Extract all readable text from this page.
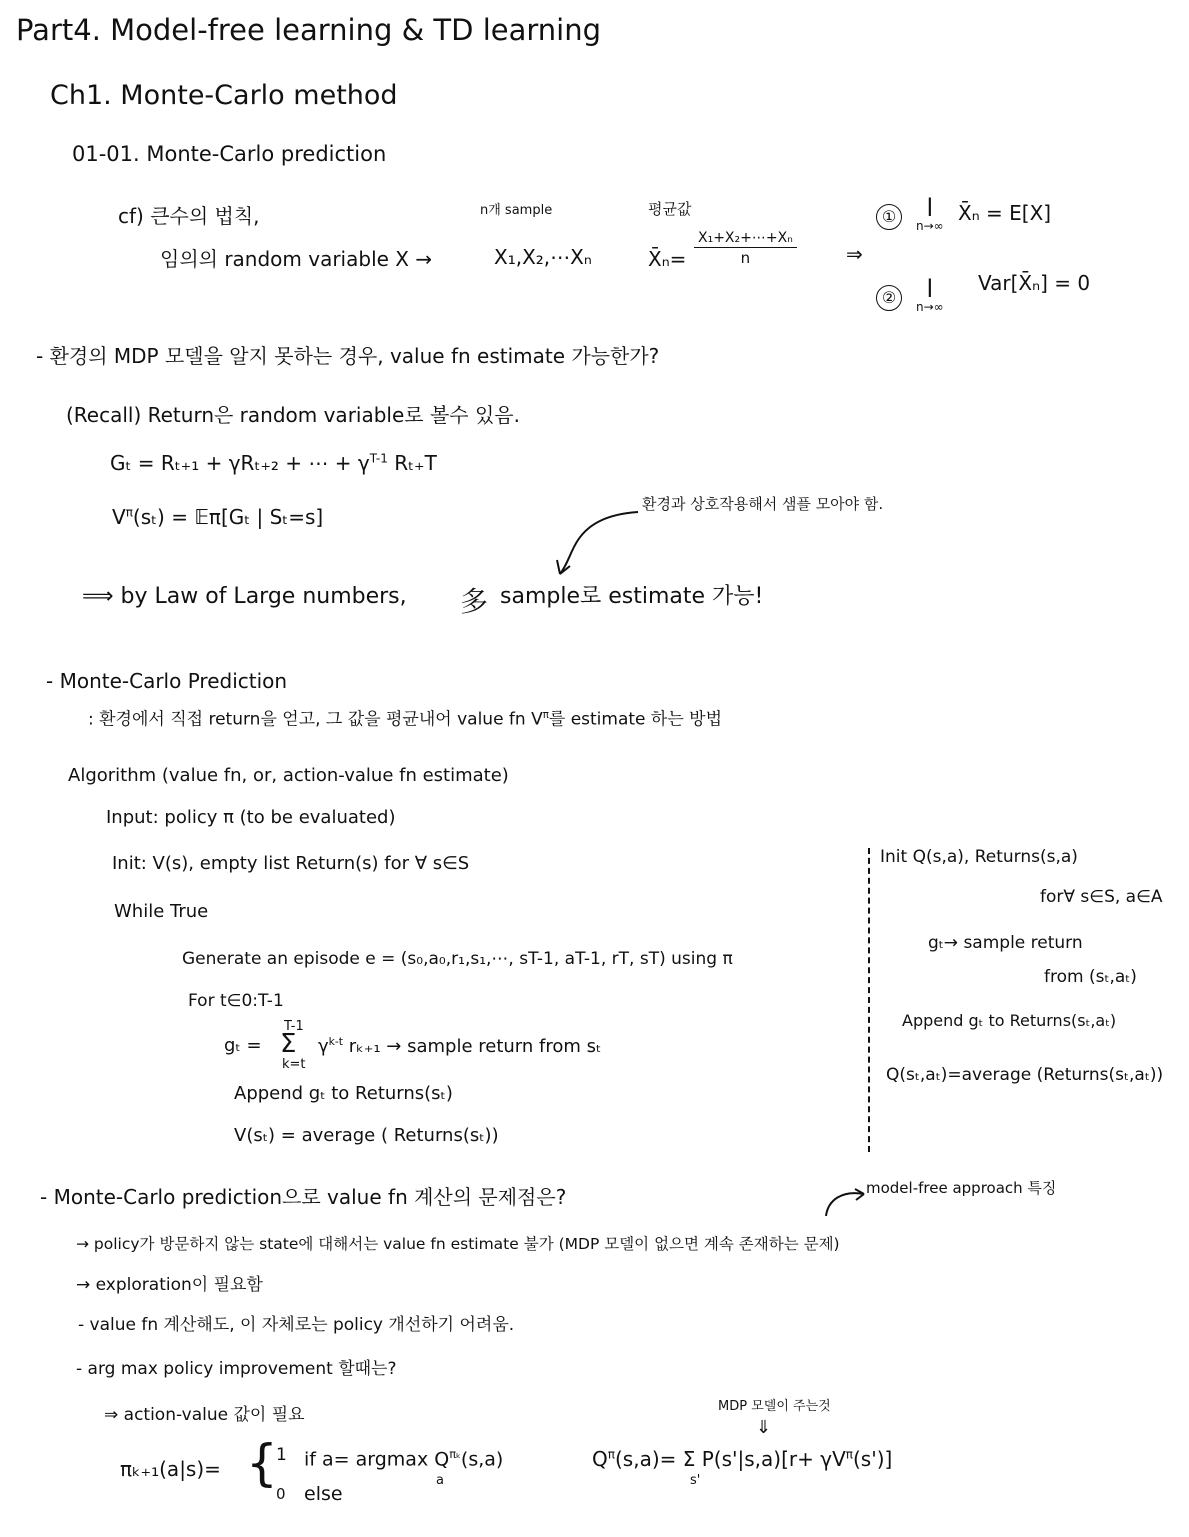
Part4. Model-free learning & TD learning
Ch1. Monte-Carlo method
01-01. Monte-Carlo prediction
cf) 큰수의 법칙,
임의의 random variable X →
n개 sample
X₁,X₂,⋯Xₙ
평균값
X̄ₙ= $\frac{\text{X₁+X₂+⋯+Xₙ}}{n}$ ⇒
①	l
n→∞
X̄ₙ = E[X]
②	l
n→∞
Var[X̄ₙ] = 0
- 환경의 MDP 모델을 알지 못하는 경우, value fn estimate 가능한가?
(Recall) Return은 random variable로 볼수 있음.
Gₜ = Rₜ₊₁ + γRₜ₊₂ + ⋯ + $\gamma^{T-1}$ Rₜ₊T
$V^\pi(s_t)$ = 𝔼π[Gₜ | Sₜ=s]
환경과 상호작용해서 샘플 모아야 함.
⟹ by Law of Large numbers, 多 sample로 estimate 가능!
- Monte-Carlo Prediction
: 환경에서 직접 return을 얻고, 그 값을 평균내어 value fn $V^\pi$를 estimate 하는 방법
Algorithm (value fn, or, action-value fn estimate)
Input: policy π (to be evaluated)
Init: V(s), empty list Return(s) for ∀ s∈S
While True
Generate an episode e = (s₀,a₀,r₁,s₁,⋯, sT-1, aT-1, rT, sT) using π
For t∈0:T-1
gₜ =
T-1
Σ
k=t
$\gamma^{k-t}$ rₖ₊₁ → sample return from sₜ
Append gₜ to Returns(sₜ)
V(sₜ) = average ( Returns(sₜ))
Init Q(s,a), Returns(s,a)
for∀ s∈S, a∈A
gₜ→ sample return
from (sₜ,aₜ)
Append gₜ to Returns(sₜ,aₜ)
Q(sₜ,aₜ)=average (Returns(sₜ,aₜ))
- Monte-Carlo prediction으로 value fn 계산의 문제점은?	model-free approach 특징
→ policy가 방문하지 않는 state에 대해서는 value fn estimate 불가 (MDP 모델이 없으면 계속 존재하는 문제)
→ exploration이 필요함
- value fn 계산해도, 이 자체로는 policy 개선하기 어려움.
- arg max policy improvement 할때는?
⇒ action-value 값이 필요	MDP 모델이 주는것
⇓
πₖ₊₁(a|s)= {
1 if a= argmax $Q^{\pi_k}(s,a)$
a
0 else
$Q^\pi(s,a)= \Sigma$ $P(s'|s,a)[r+ \gamma V^\pi(s')]$
s'
